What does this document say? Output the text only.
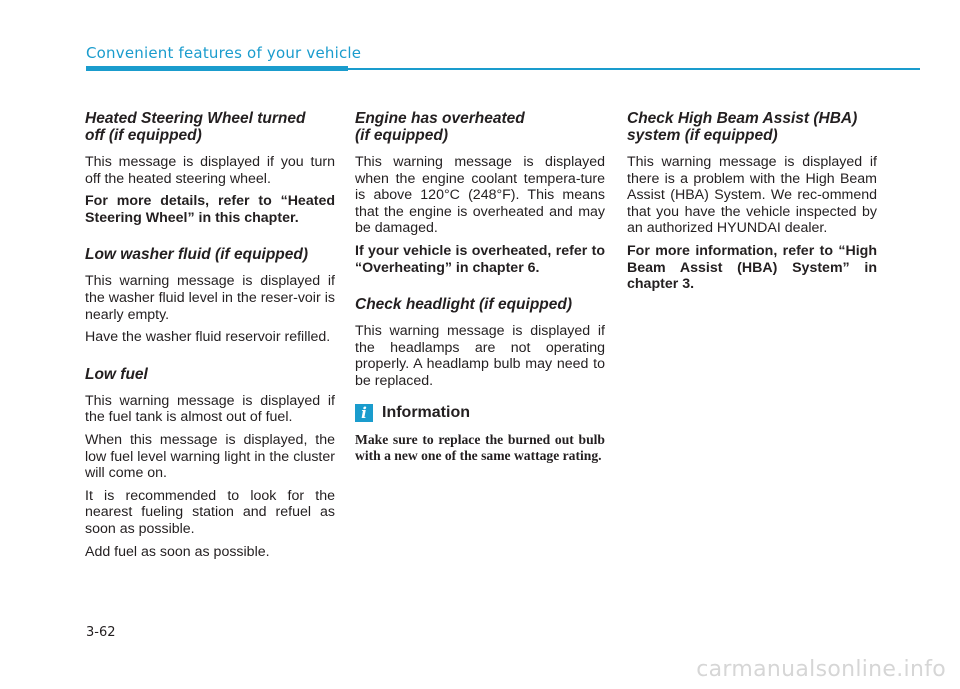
Convenient features of your vehicle
Heated Steering Wheel turned
off (if equipped)

This message is displayed if you turn off the heated steering wheel.

For more details, refer to “Heated Steering Wheel” in this chapter.

Low washer fluid (if equipped)

This warning message is displayed if the washer fluid level in the reser-voir is nearly empty.

Have the washer fluid reservoir refilled.

Low fuel

This warning message is displayed if the fuel tank is almost out of fuel.

When this message is displayed, the low fuel level warning light in the cluster will come on.

It is recommended to look for the nearest fueling station and refuel as soon as possible.

Add fuel as soon as possible.

Engine has overheated
(if equipped)

This warning message is displayed when the engine coolant tempera-ture is above 120°C (248°F). This means that the engine is overheated and may be damaged.

If your vehicle is overheated, refer to “Overheating” in chapter 6.

Check headlight (if equipped)

This warning message is displayed if the headlamps are not operating properly. A headlamp bulb may need to be replaced.

i Information

Make sure to replace the burned out bulb with a new one of the same wattage rating.

Check High Beam Assist (HBA)
system (if equipped)

This warning message is displayed if there is a problem with the High Beam Assist (HBA) System. We rec-ommend that you have the vehicle inspected by an authorized HYUNDAI dealer.

For more information, refer to “High Beam Assist (HBA) System” in chapter 3.

3-62
carmanualsonline.info
